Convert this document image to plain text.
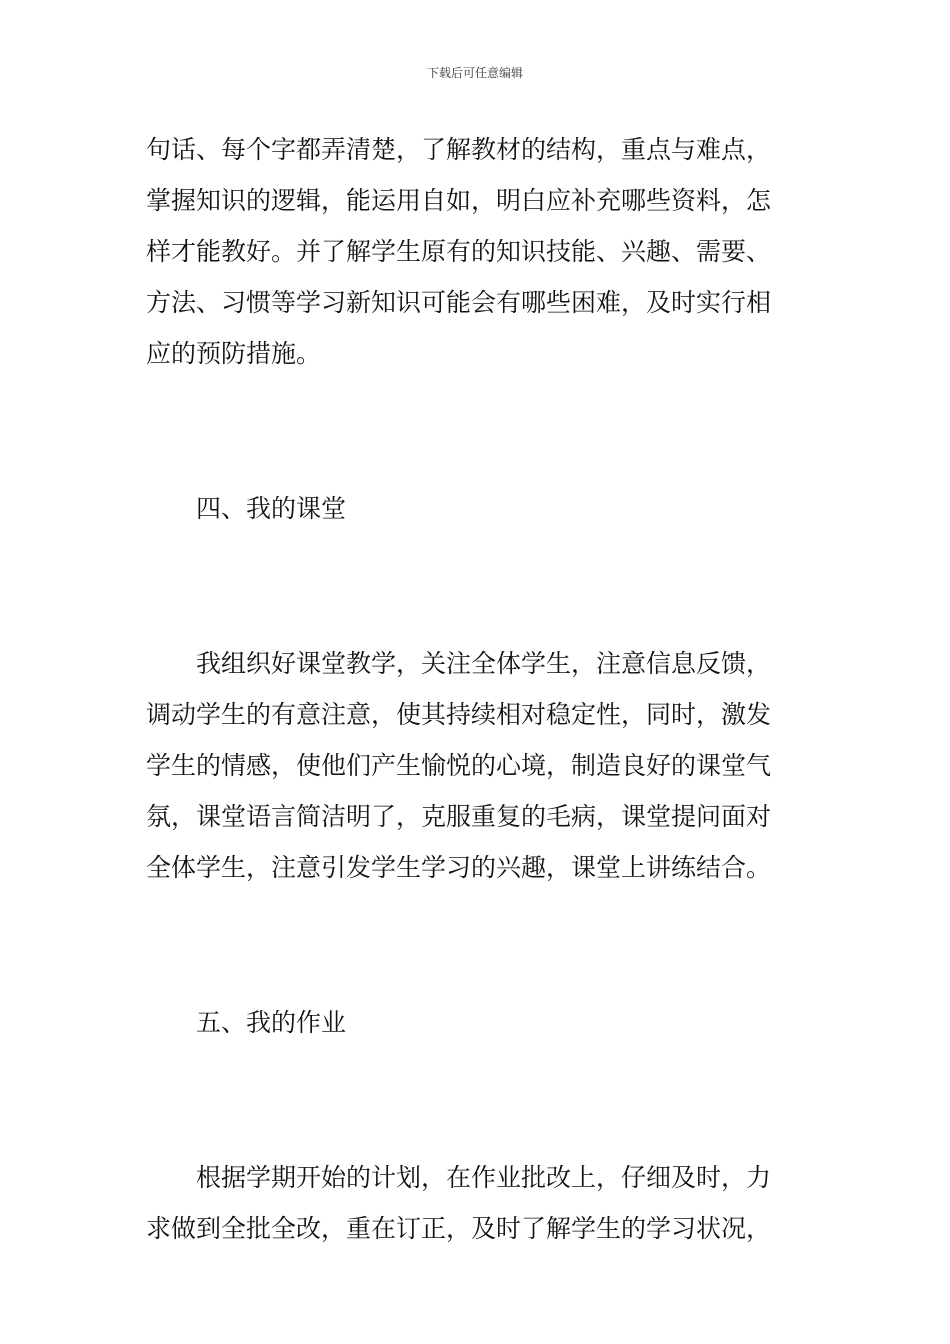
下载后可任意编辑
句话、每个字都弄清楚，了解教材的结构，重点与难点，
掌握知识的逻辑，能运用自如，明白应补充哪些资料，怎
样才能教好。并了解学生原有的知识技能、兴趣、需要、
方法、习惯等学习新知识可能会有哪些困难，及时实行相
应的预防措施。
四、我的课堂
我组织好课堂教学，关注全体学生，注意信息反馈，
调动学生的有意注意，使其持续相对稳定性，同时，激发
学生的情感，使他们产生愉悦的心境，制造良好的课堂气
氛，课堂语言简洁明了，克服重复的毛病，课堂提问面对
全体学生，注意引发学生学习的兴趣，课堂上讲练结合。
五、我的作业
根据学期开始的计划，在作业批改上，仔细及时，力
求做到全批全改，重在订正，及时了解学生的学习状况，
